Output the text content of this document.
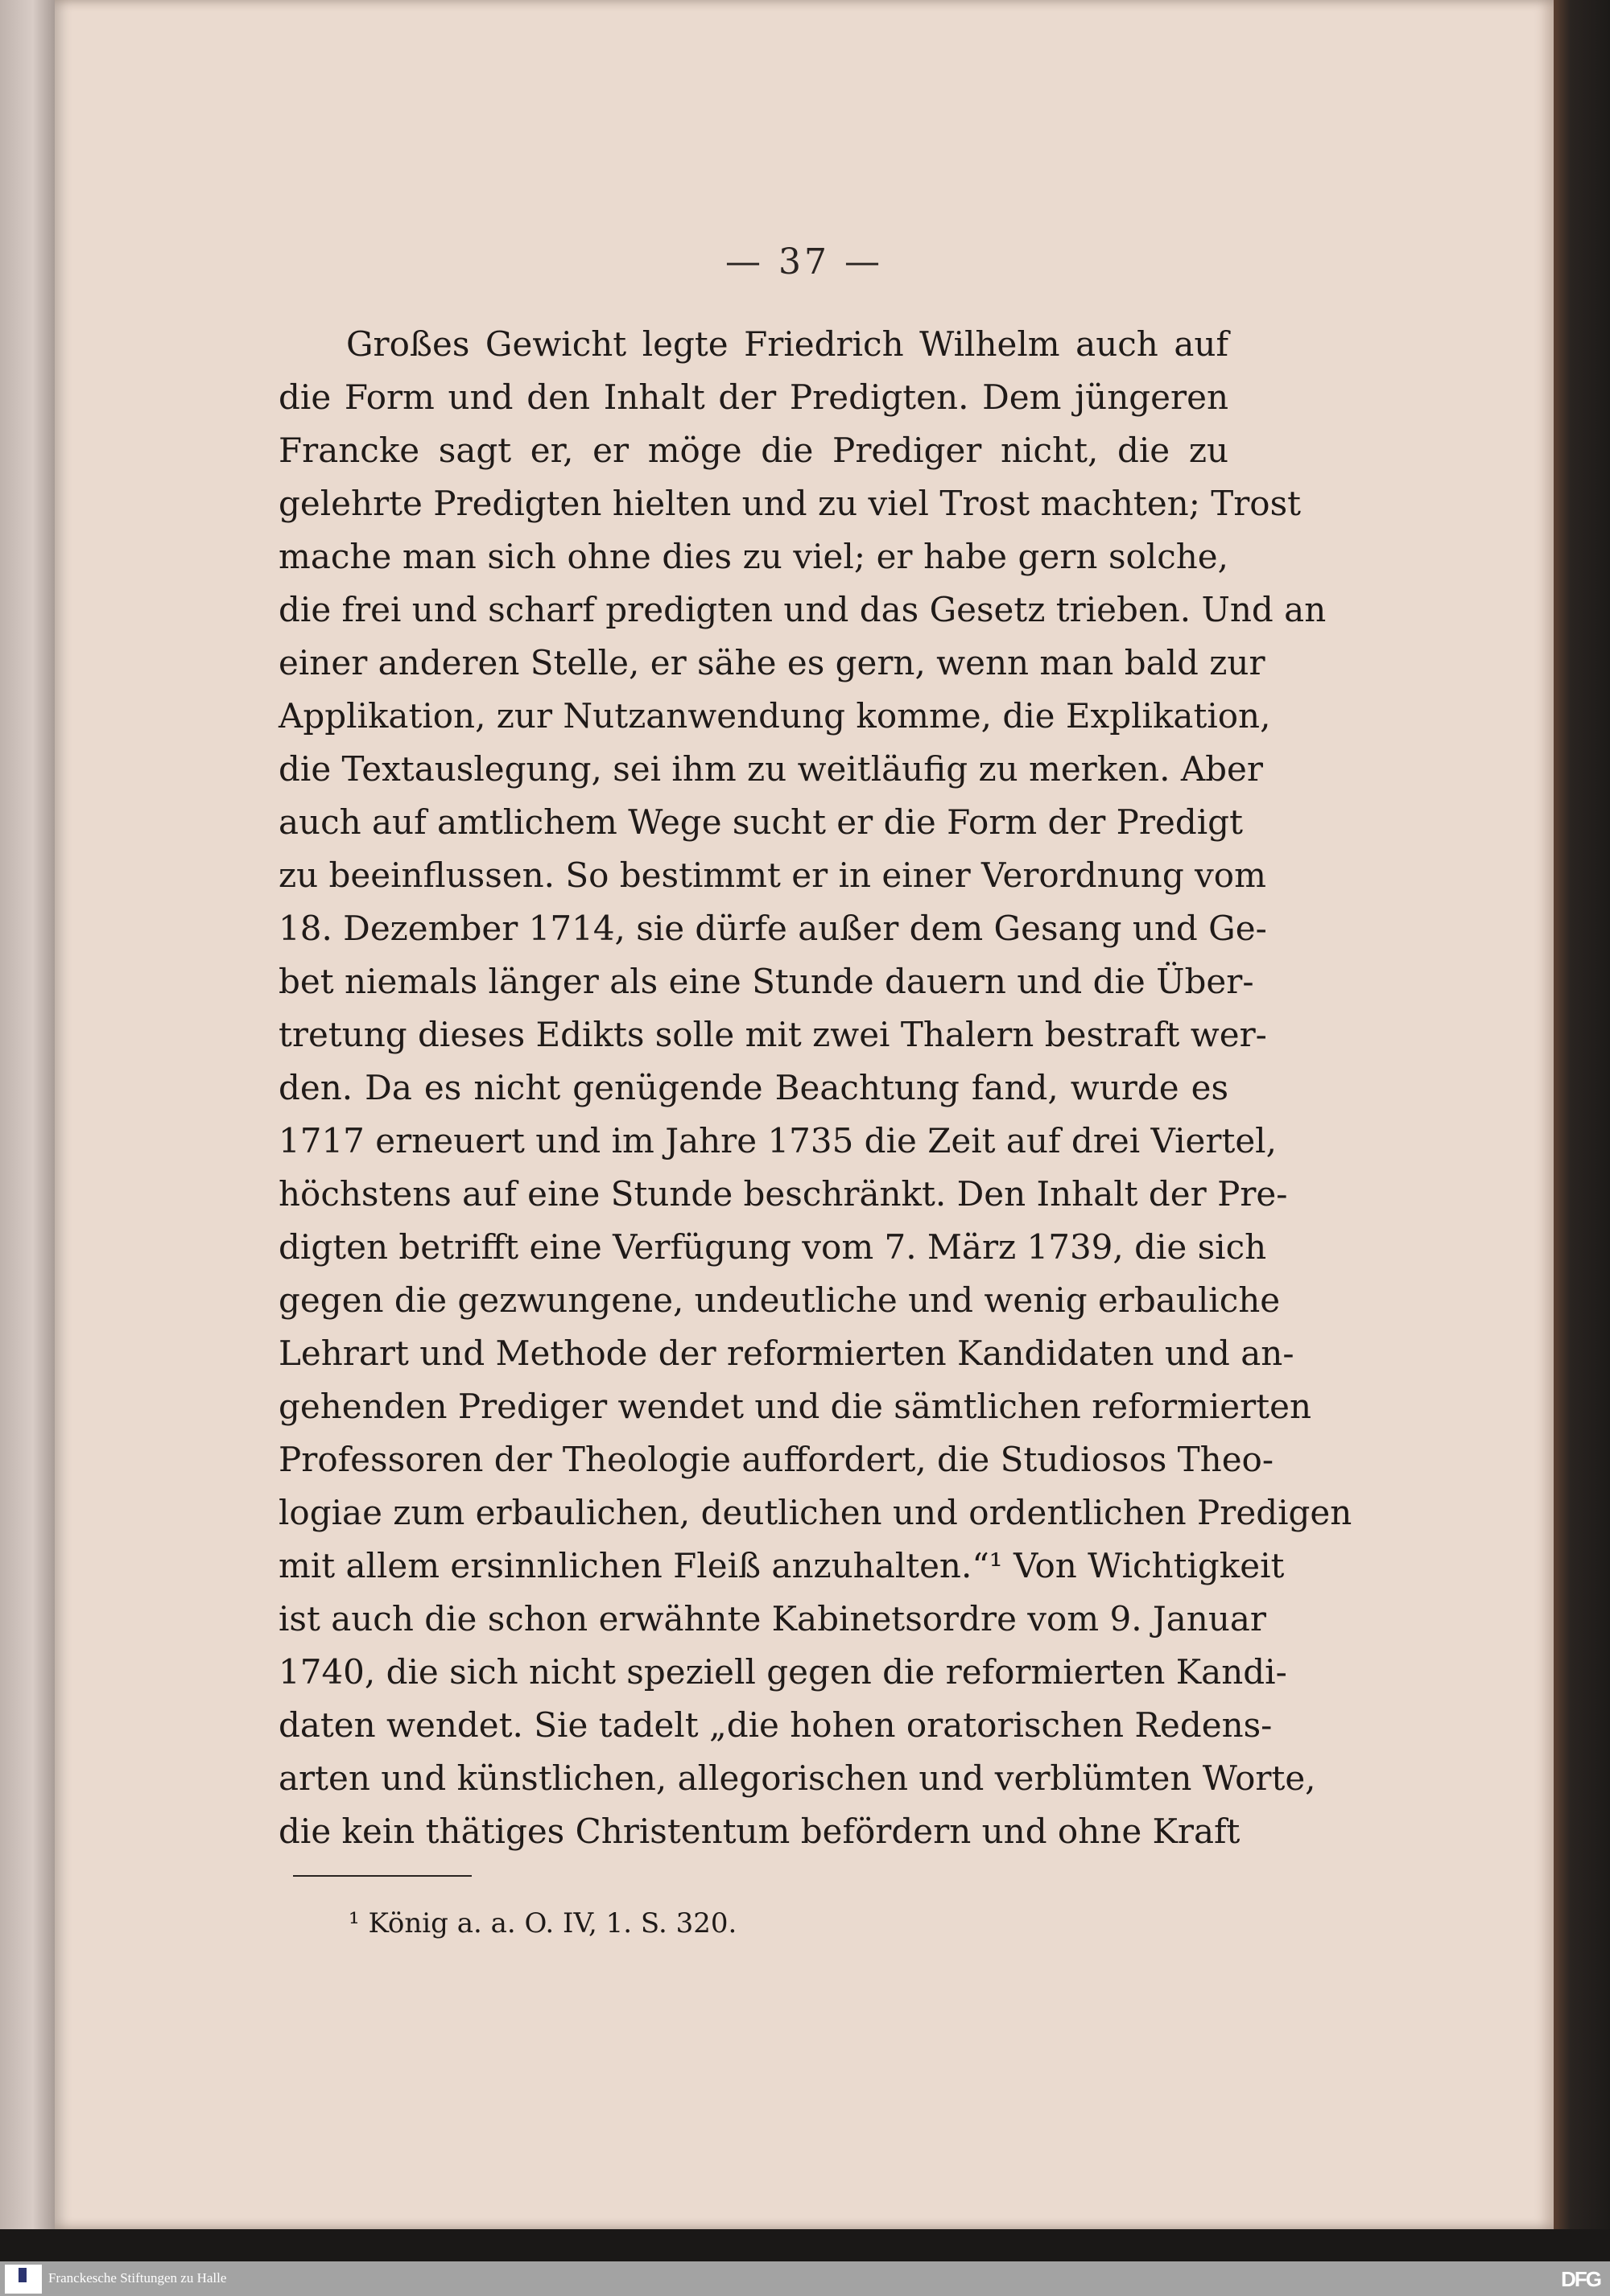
— 37 —
Großes Gewicht legte Friedrich Wilhelm auch auf
die Form und den Inhalt der Predigten. Dem jüngeren
Francke sagt er, er möge die Prediger nicht, die zu
gelehrte Predigten hielten und zu viel Trost machten; Trost
mache man sich ohne dies zu viel; er habe gern solche,
die frei und scharf predigten und das Gesetz trieben. Und an
einer anderen Stelle, er sähe es gern, wenn man bald zur
Applikation, zur Nutzanwendung komme, die Explikation,
die Textauslegung, sei ihm zu weitläufig zu merken. Aber
auch auf amtlichem Wege sucht er die Form der Predigt
zu beeinflussen. So bestimmt er in einer Verordnung vom
18. Dezember 1714, sie dürfe außer dem Gesang und Ge-
bet niemals länger als eine Stunde dauern und die Über-
tretung dieses Edikts solle mit zwei Thalern bestraft wer-
den. Da es nicht genügende Beachtung fand, wurde es
1717 erneuert und im Jahre 1735 die Zeit auf drei Viertel,
höchstens auf eine Stunde beschränkt. Den Inhalt der Pre-
digten betrifft eine Verfügung vom 7. März 1739, die sich
gegen die gezwungene, undeutliche und wenig erbauliche
Lehrart und Methode der reformierten Kandidaten und an-
gehenden Prediger wendet und die sämtlichen reformierten
Professoren der Theologie auffordert, die Studiosos Theo-
logiae zum erbaulichen, deutlichen und ordentlichen Predigen
mit allem ersinnlichen Fleiß anzuhalten.“¹ Von Wichtigkeit
ist auch die schon erwähnte Kabinetsordre vom 9. Januar
1740, die sich nicht speziell gegen die reformierten Kandi-
daten wendet. Sie tadelt „die hohen oratorischen Redens-
arten und künstlichen, allegorischen und verblümten Worte,
die kein thätiges Christentum befördern und ohne Kraft
¹ König a. a. O. IV, 1. S. 320.
Franckesche Stiftungen zu Halle	DFG
